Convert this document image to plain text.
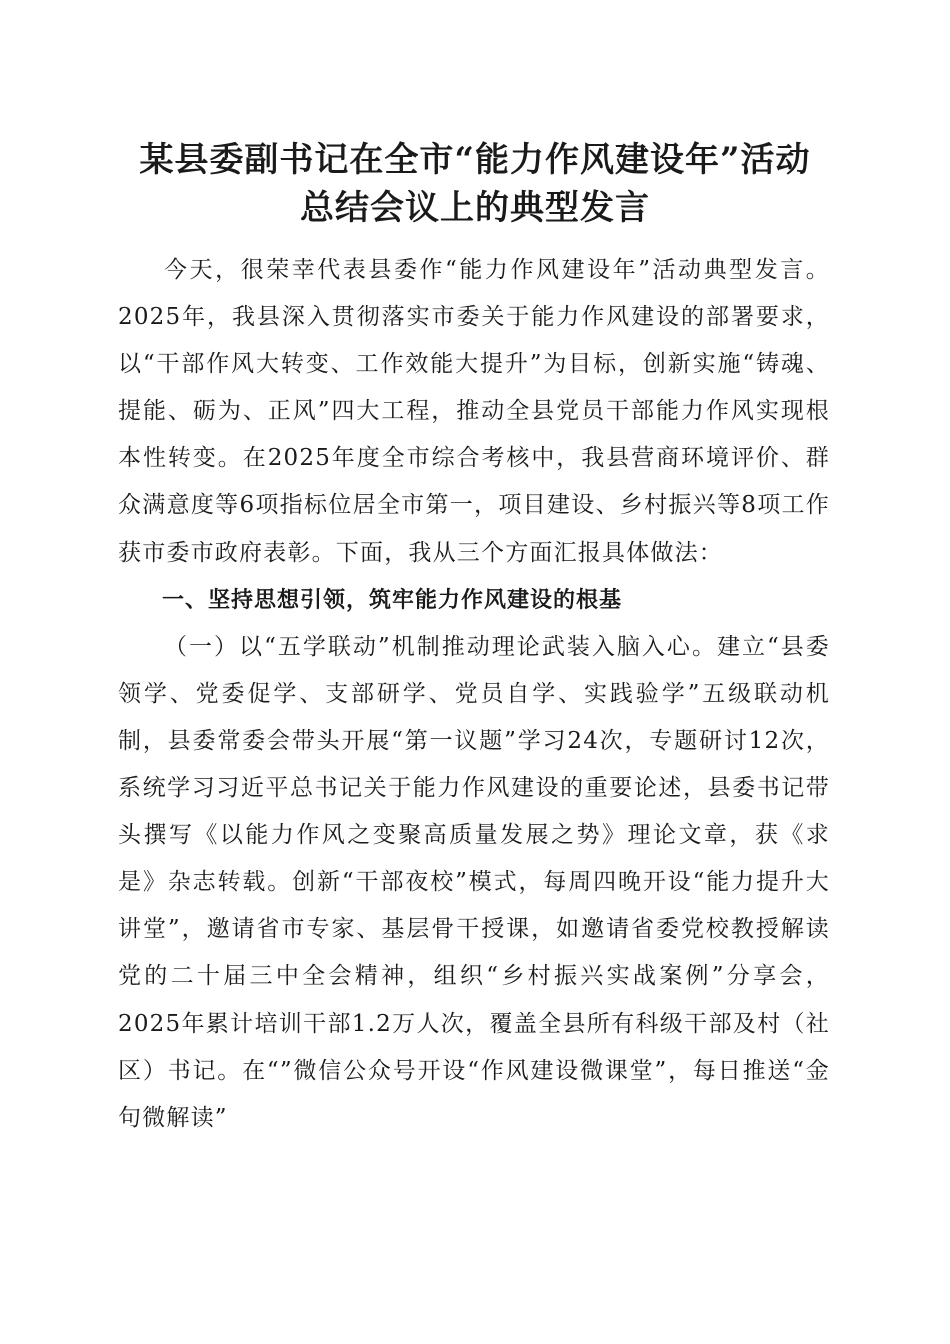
某县委副书记在全市“能力作风建设年”活动
总结会议上的典型发言

今天，很荣幸代表县委作“能力作风建设年”活动典型发言。2025年，我县深入贯彻落实市委关于能力作风建设的部署要求，以“干部作风大转变、工作效能大提升”为目标，创新实施“铸魂、提能、砺为、正风”四大工程，推动全县党员干部能力作风实现根本性转变。在2025年度全市综合考核中，我县营商环境评价、群众满意度等6项指标位居全市第一，项目建设、乡村振兴等8项工作获市委市政府表彰。下面，我从三个方面汇报具体做法：

一、坚持思想引领，筑牢能力作风建设的根基

（一）以“五学联动”机制推动理论武装入脑入心。建立“县委领学、党委促学、支部研学、党员自学、实践验学”五级联动机制，县委常委会带头开展“第一议题”学习24次，专题研讨12次，系统学习习近平总书记关于能力作风建设的重要论述，县委书记带头撰写《以能力作风之变聚高质量发展之势》理论文章，获《求是》杂志转载。创新“干部夜校”模式，每周四晚开设“能力提升大讲堂”，邀请省市专家、基层骨干授课，如邀请省委党校教授解读党的二十届三中全会精神，组织“乡村振兴实战案例”分享会，2025年累计培训干部1.2万人次，覆盖全县所有科级干部及村（社区）书记。在“”微信公众号开设“作风建设微课堂”，每日推送“金句微解读”
